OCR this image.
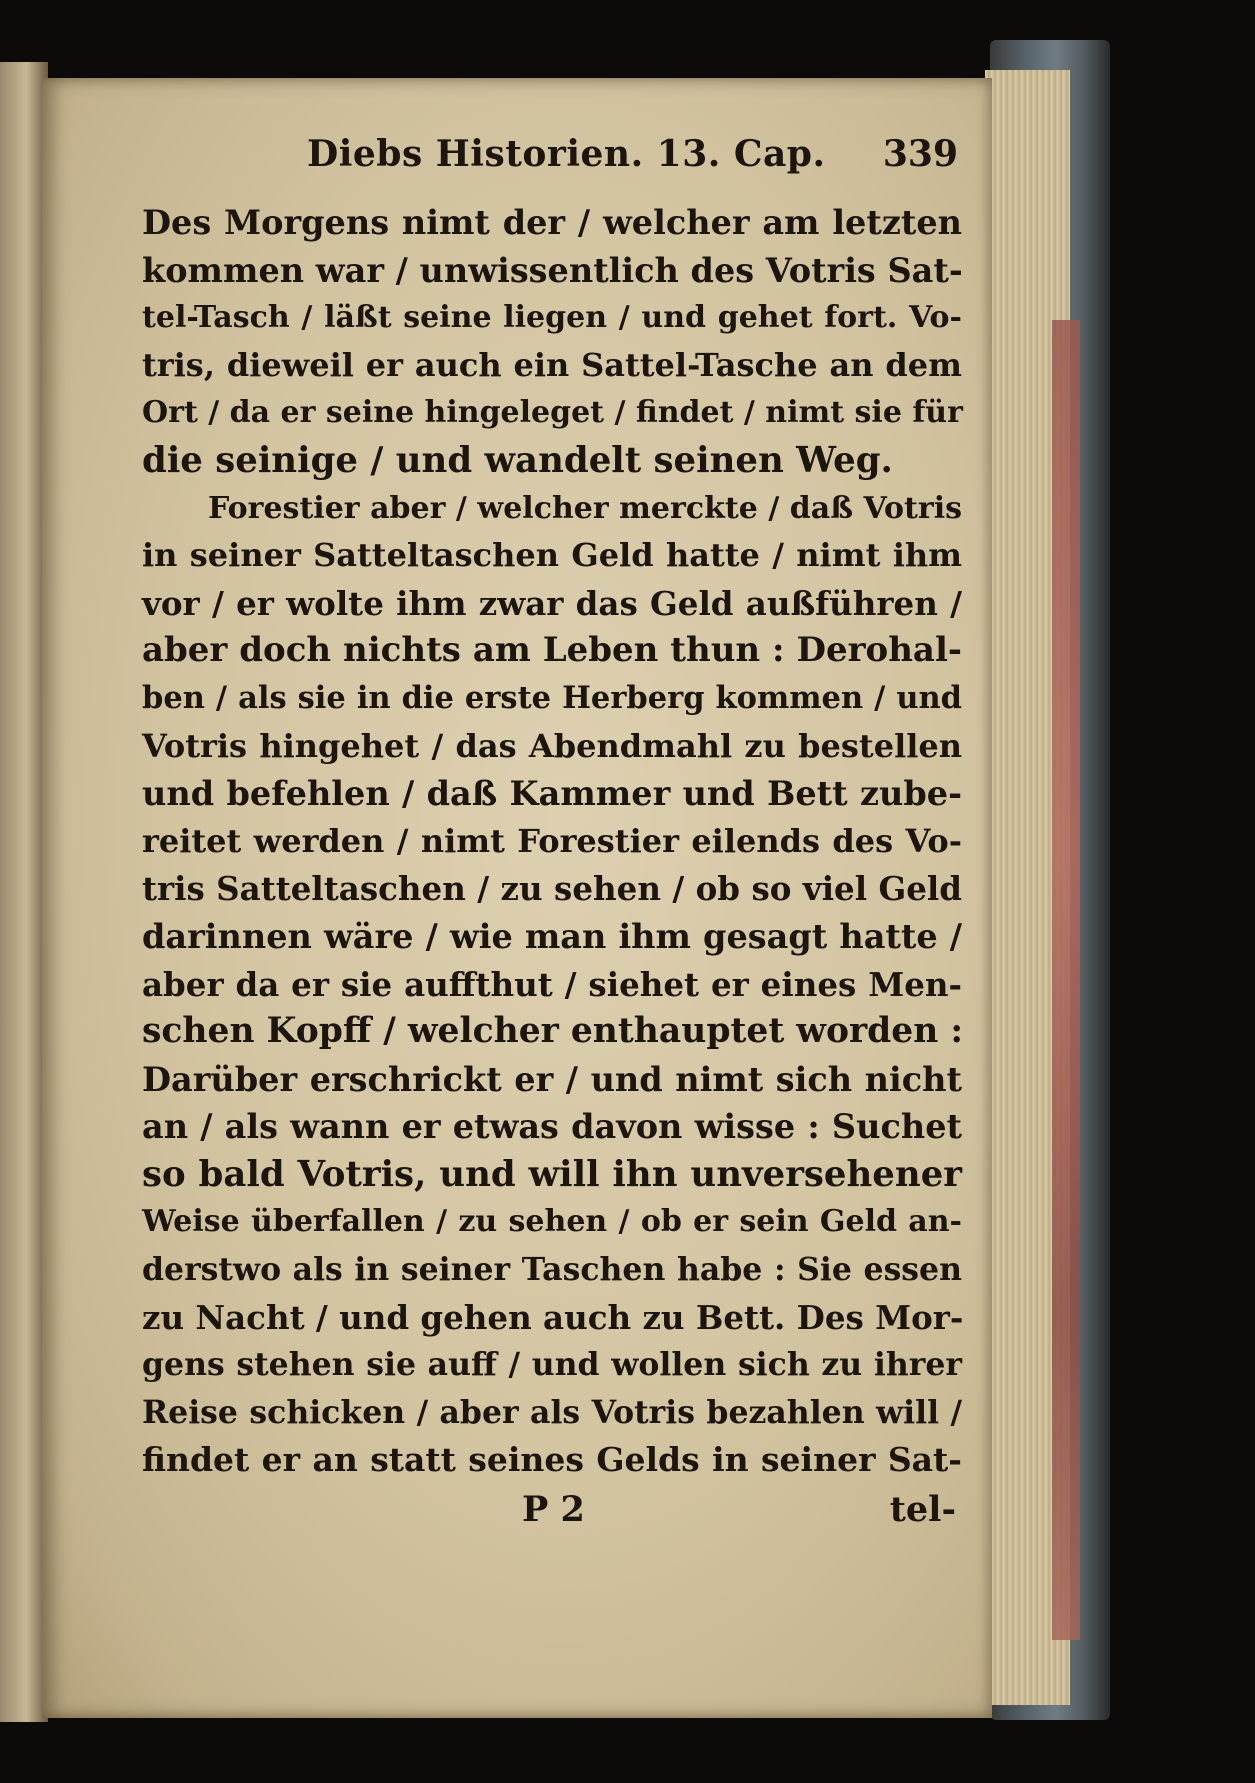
Diebs Historien. 13. Cap. 339
Des Morgens nimt der / welcher am letzten
kommen war / unwissentlich des Votris Sat-
tel-Tasch / läßt seine liegen / und gehet fort. Vo-
tris, dieweil er auch ein Sattel-Tasche an dem
Ort / da er seine hingeleget / findet / nimt sie für
die seinige / und wandelt seinen Weg.
Forestier aber / welcher merckte / daß Votris
in seiner Satteltaschen Geld hatte / nimt ihm
vor / er wolte ihm zwar das Geld außführen /
aber doch nichts am Leben thun : Derohal-
ben / als sie in die erste Herberg kommen / und
Votris hingehet / das Abendmahl zu bestellen
und befehlen / daß Kammer und Bett zube-
reitet werden / nimt Forestier eilends des Vo-
tris Satteltaschen / zu sehen / ob so viel Geld
darinnen wäre / wie man ihm gesagt hatte /
aber da er sie auffthut / siehet er eines Men-
schen Kopff / welcher enthauptet worden :
Darüber erschrickt er / und nimt sich nicht
an / als wann er etwas davon wisse : Suchet
so bald Votris, und will ihn unversehener
Weise überfallen / zu sehen / ob er sein Geld an-
derstwo als in seiner Taschen habe : Sie essen
zu Nacht / und gehen auch zu Bett. Des Mor-
gens stehen sie auff / und wollen sich zu ihrer
Reise schicken / aber als Votris bezahlen will /
findet er an statt seines Gelds in seiner Sat-
P 2	tel-
